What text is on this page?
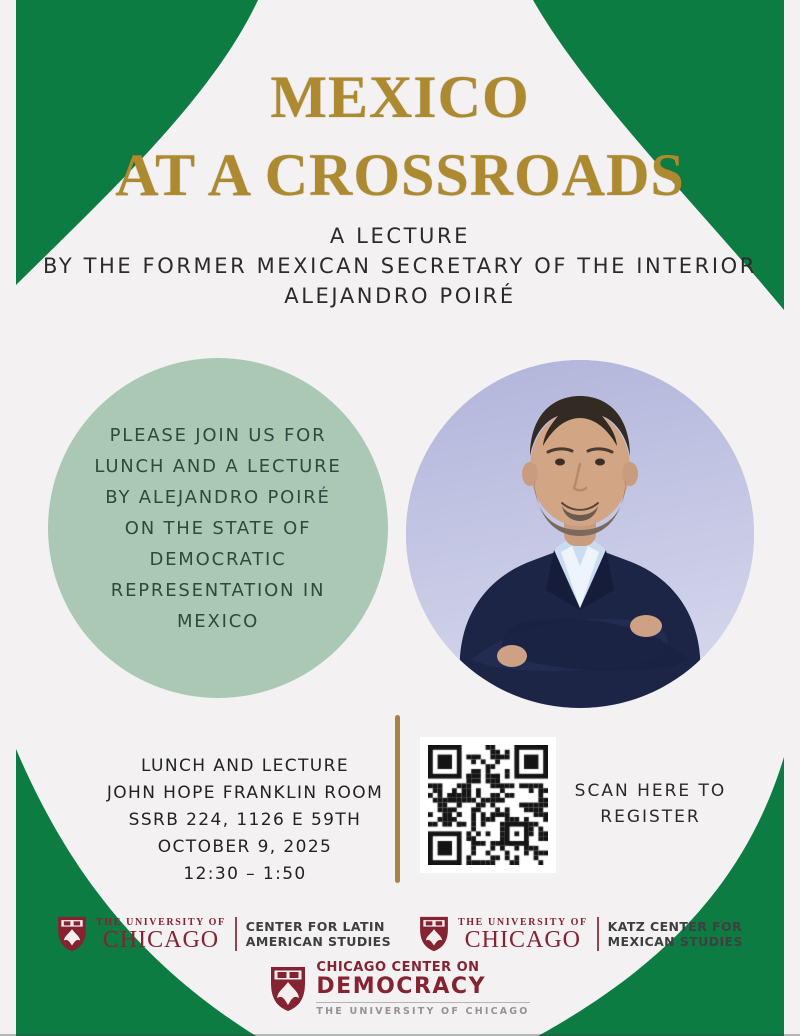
MEXICO
AT A CROSSROADS
A LECTURE
BY THE FORMER MEXICAN SECRETARY OF THE INTERIOR
ALEJANDRO POIRÉ
PLEASE JOIN US FOR
LUNCH AND A LECTURE
BY ALEJANDRO POIRÉ
ON THE STATE OF
DEMOCRATIC
REPRESENTATION IN
MEXICO
LUNCH AND LECTURE
JOHN HOPE FRANKLIN ROOM
SSRB 224, 1126 E 59TH
OCTOBER 9, 2025
12:30 – 1:50
SCAN HERE TO
REGISTER
THE UNIVERSITY OF
CHICAGO CENTER FOR LATIN
AMERICAN STUDIES
THE UNIVERSITY OF
CHICAGO KATZ CENTER FOR
MEXICAN STUDIES
CHICAGO CENTER ON
DEMOCRACY
THE UNIVERSITY OF CHICAGO
